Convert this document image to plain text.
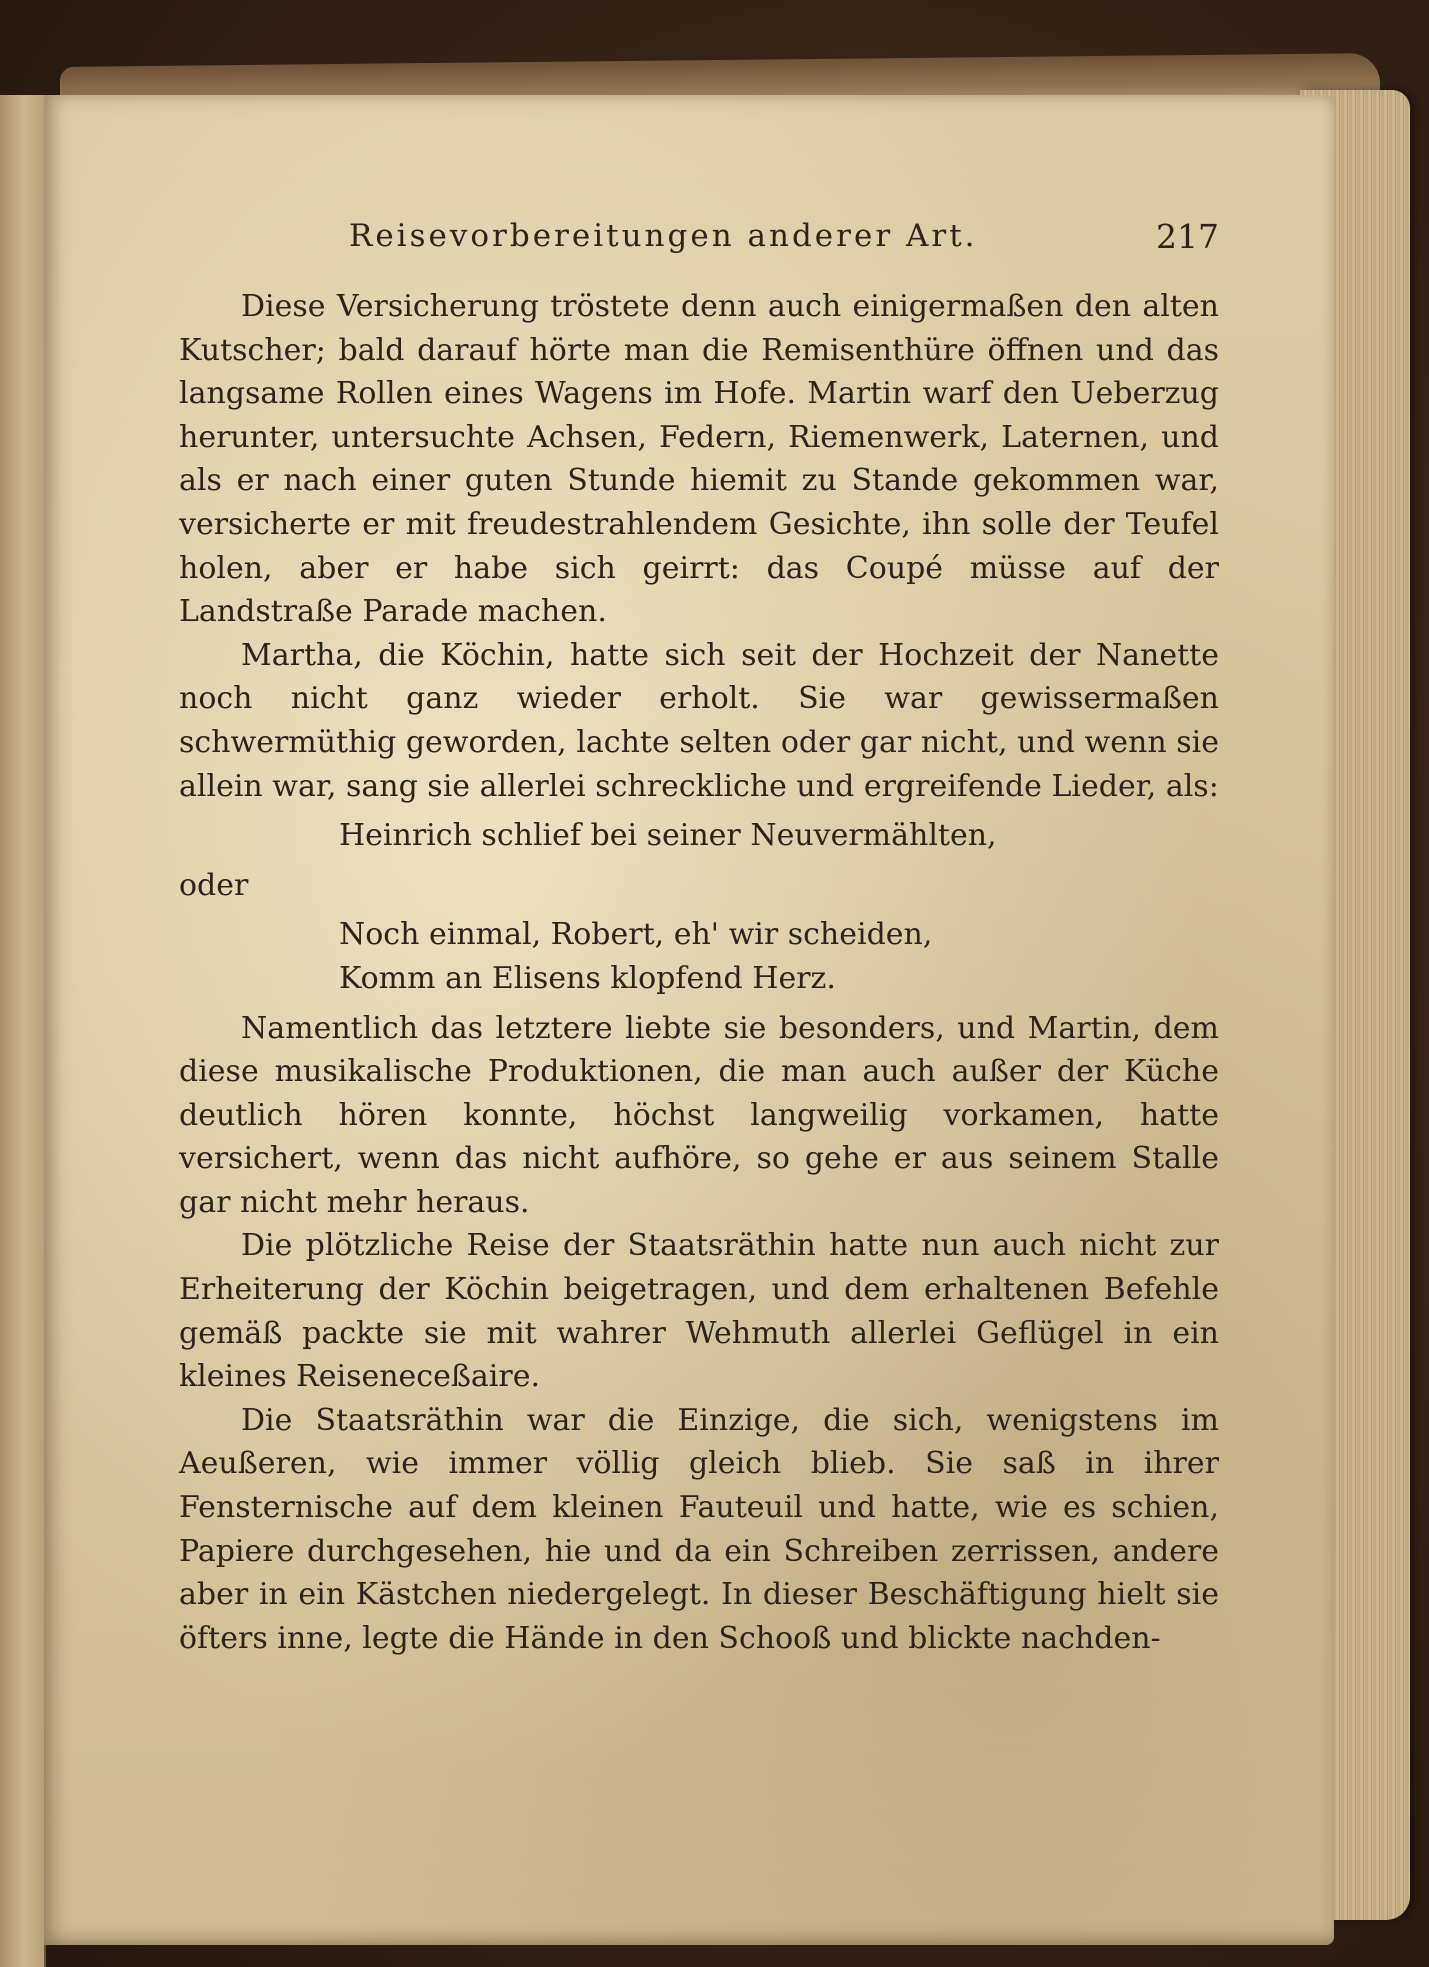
Reisevorbereitungen anderer Art.	217

Diese Versicherung tröstete denn auch einigermaßen den alten Kutscher; bald darauf hörte man die Remisenthüre öffnen und das langsame Rollen eines Wagens im Hofe. Martin warf den Ueberzug herunter, untersuchte Achsen, Federn, Riemenwerk, Laternen, und als er nach einer guten Stunde hiemit zu Stande gekommen war, versicherte er mit freudestrahlendem Gesichte, ihn solle der Teufel holen, aber er habe sich geirrt: das Coupé müsse auf der Landstraße Parade machen.

Martha, die Köchin, hatte sich seit der Hochzeit der Nanette noch nicht ganz wieder erholt. Sie war gewissermaßen schwermüthig geworden, lachte selten oder gar nicht, und wenn sie allein war, sang sie allerlei schreckliche und ergreifende Lieder, als:

Heinrich schlief bei seiner Neuvermählten,
oder
Noch einmal, Robert, eh' wir scheiden,
Komm an Elisens klopfend Herz.

Namentlich das letztere liebte sie besonders, und Martin, dem diese musikalische Produktionen, die man auch außer der Küche deutlich hören konnte, höchst langweilig vorkamen, hatte versichert, wenn das nicht aufhöre, so gehe er aus seinem Stalle gar nicht mehr heraus.

Die plötzliche Reise der Staatsräthin hatte nun auch nicht zur Erheiterung der Köchin beigetragen, und dem erhaltenen Befehle gemäß packte sie mit wahrer Wehmuth allerlei Geflügel in ein kleines Reiseneceßaire.

Die Staatsräthin war die Einzige, die sich, wenigstens im Aeußeren, wie immer völlig gleich blieb. Sie saß in ihrer Fensternische auf dem kleinen Fauteuil und hatte, wie es schien, Papiere durchgesehen, hie und da ein Schreiben zerrissen, andere aber in ein Kästchen niedergelegt. In dieser Beschäftigung hielt sie öfters inne, legte die Hände in den Schooß und blickte nachden-
